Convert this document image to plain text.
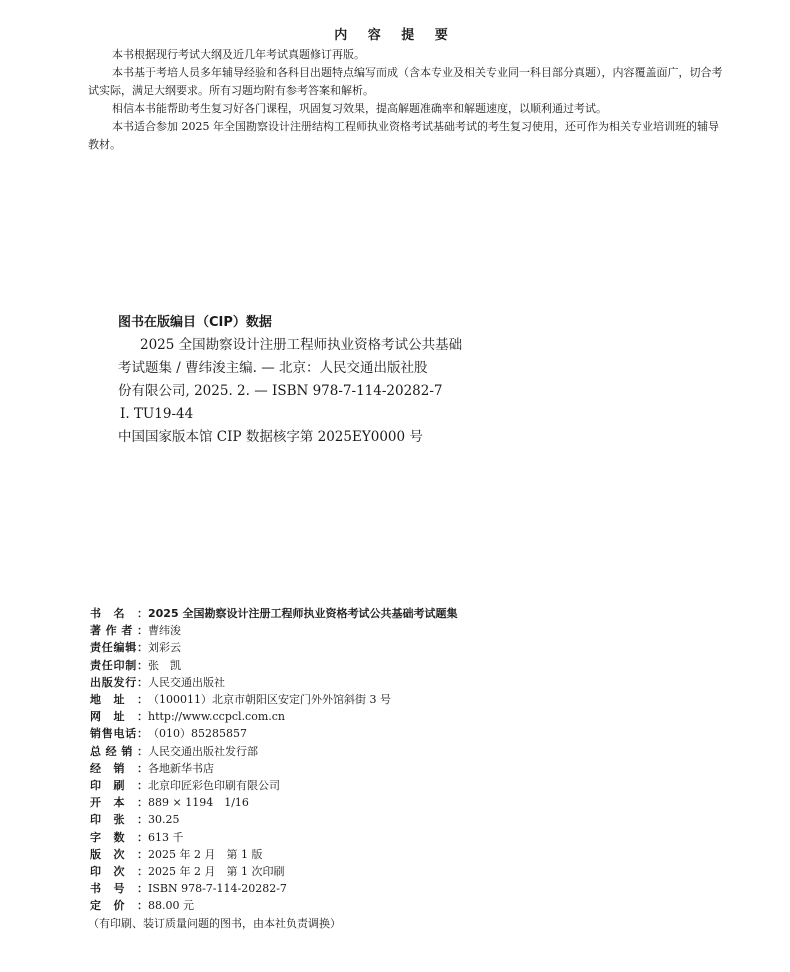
内 容 提 要

本书根据现行考试大纲及近几年考试真题修订再版。

本书基于考培人员多年辅导经验和各科目出题特点编写而成（含本专业及相关专业同一科目部分真题），内容覆盖面广，切合考试实际，满足大纲要求。所有习题均附有参考答案和解析。

相信本书能帮助考生复习好各门课程，巩固复习效果，提高解题准确率和解题速度，以顺利通过考试。

本书适合参加 2025 年全国勘察设计注册结构工程师执业资格考试基础考试的考生复习使用，还可作为相关专业培训班的辅导教材。

图书在版编目（CIP）数据
2025 全国勘察设计注册工程师执业资格考试公共基础
考试题集 / 曹纬浚主编. — 北京：人民交通出版社股
份有限公司, 2025. 2. — ISBN 978-7-114-20282-7
Ⅰ. TU19-44
中国国家版本馆 CIP 数据核字第 2025EY0000 号
书 名 ： 2025 全国勘察设计注册工程师执业资格考试公共基础考试题集
著 作 者 ： 曹纬浚
责 任 编 辑 ： 刘彩云
责 任 印 制 ： 张　凯
出 版 发 行 ： 人民交通出版社
地 址 ： （100011）北京市朝阳区安定门外外馆斜街 3 号
网 址 ： http://www.ccpcl.com.cn
销 售 电 话 ： （010）85285857
总 经 销 ： 人民交通出版社发行部
经 销 ： 各地新华书店
印 刷 ： 北京印匠彩色印刷有限公司
开 本 ： 889 × 1194　1/16
印 张 ： 30.25
字 数 ： 613 千
版 次 ： 2025 年 2 月　第 1 版
印 次 ： 2025 年 2 月　第 1 次印刷
书 号 ： ISBN 978-7-114-20282-7
定 价 ： 88.00 元
（有印刷、装订质量问题的图书，由本社负责调换）
